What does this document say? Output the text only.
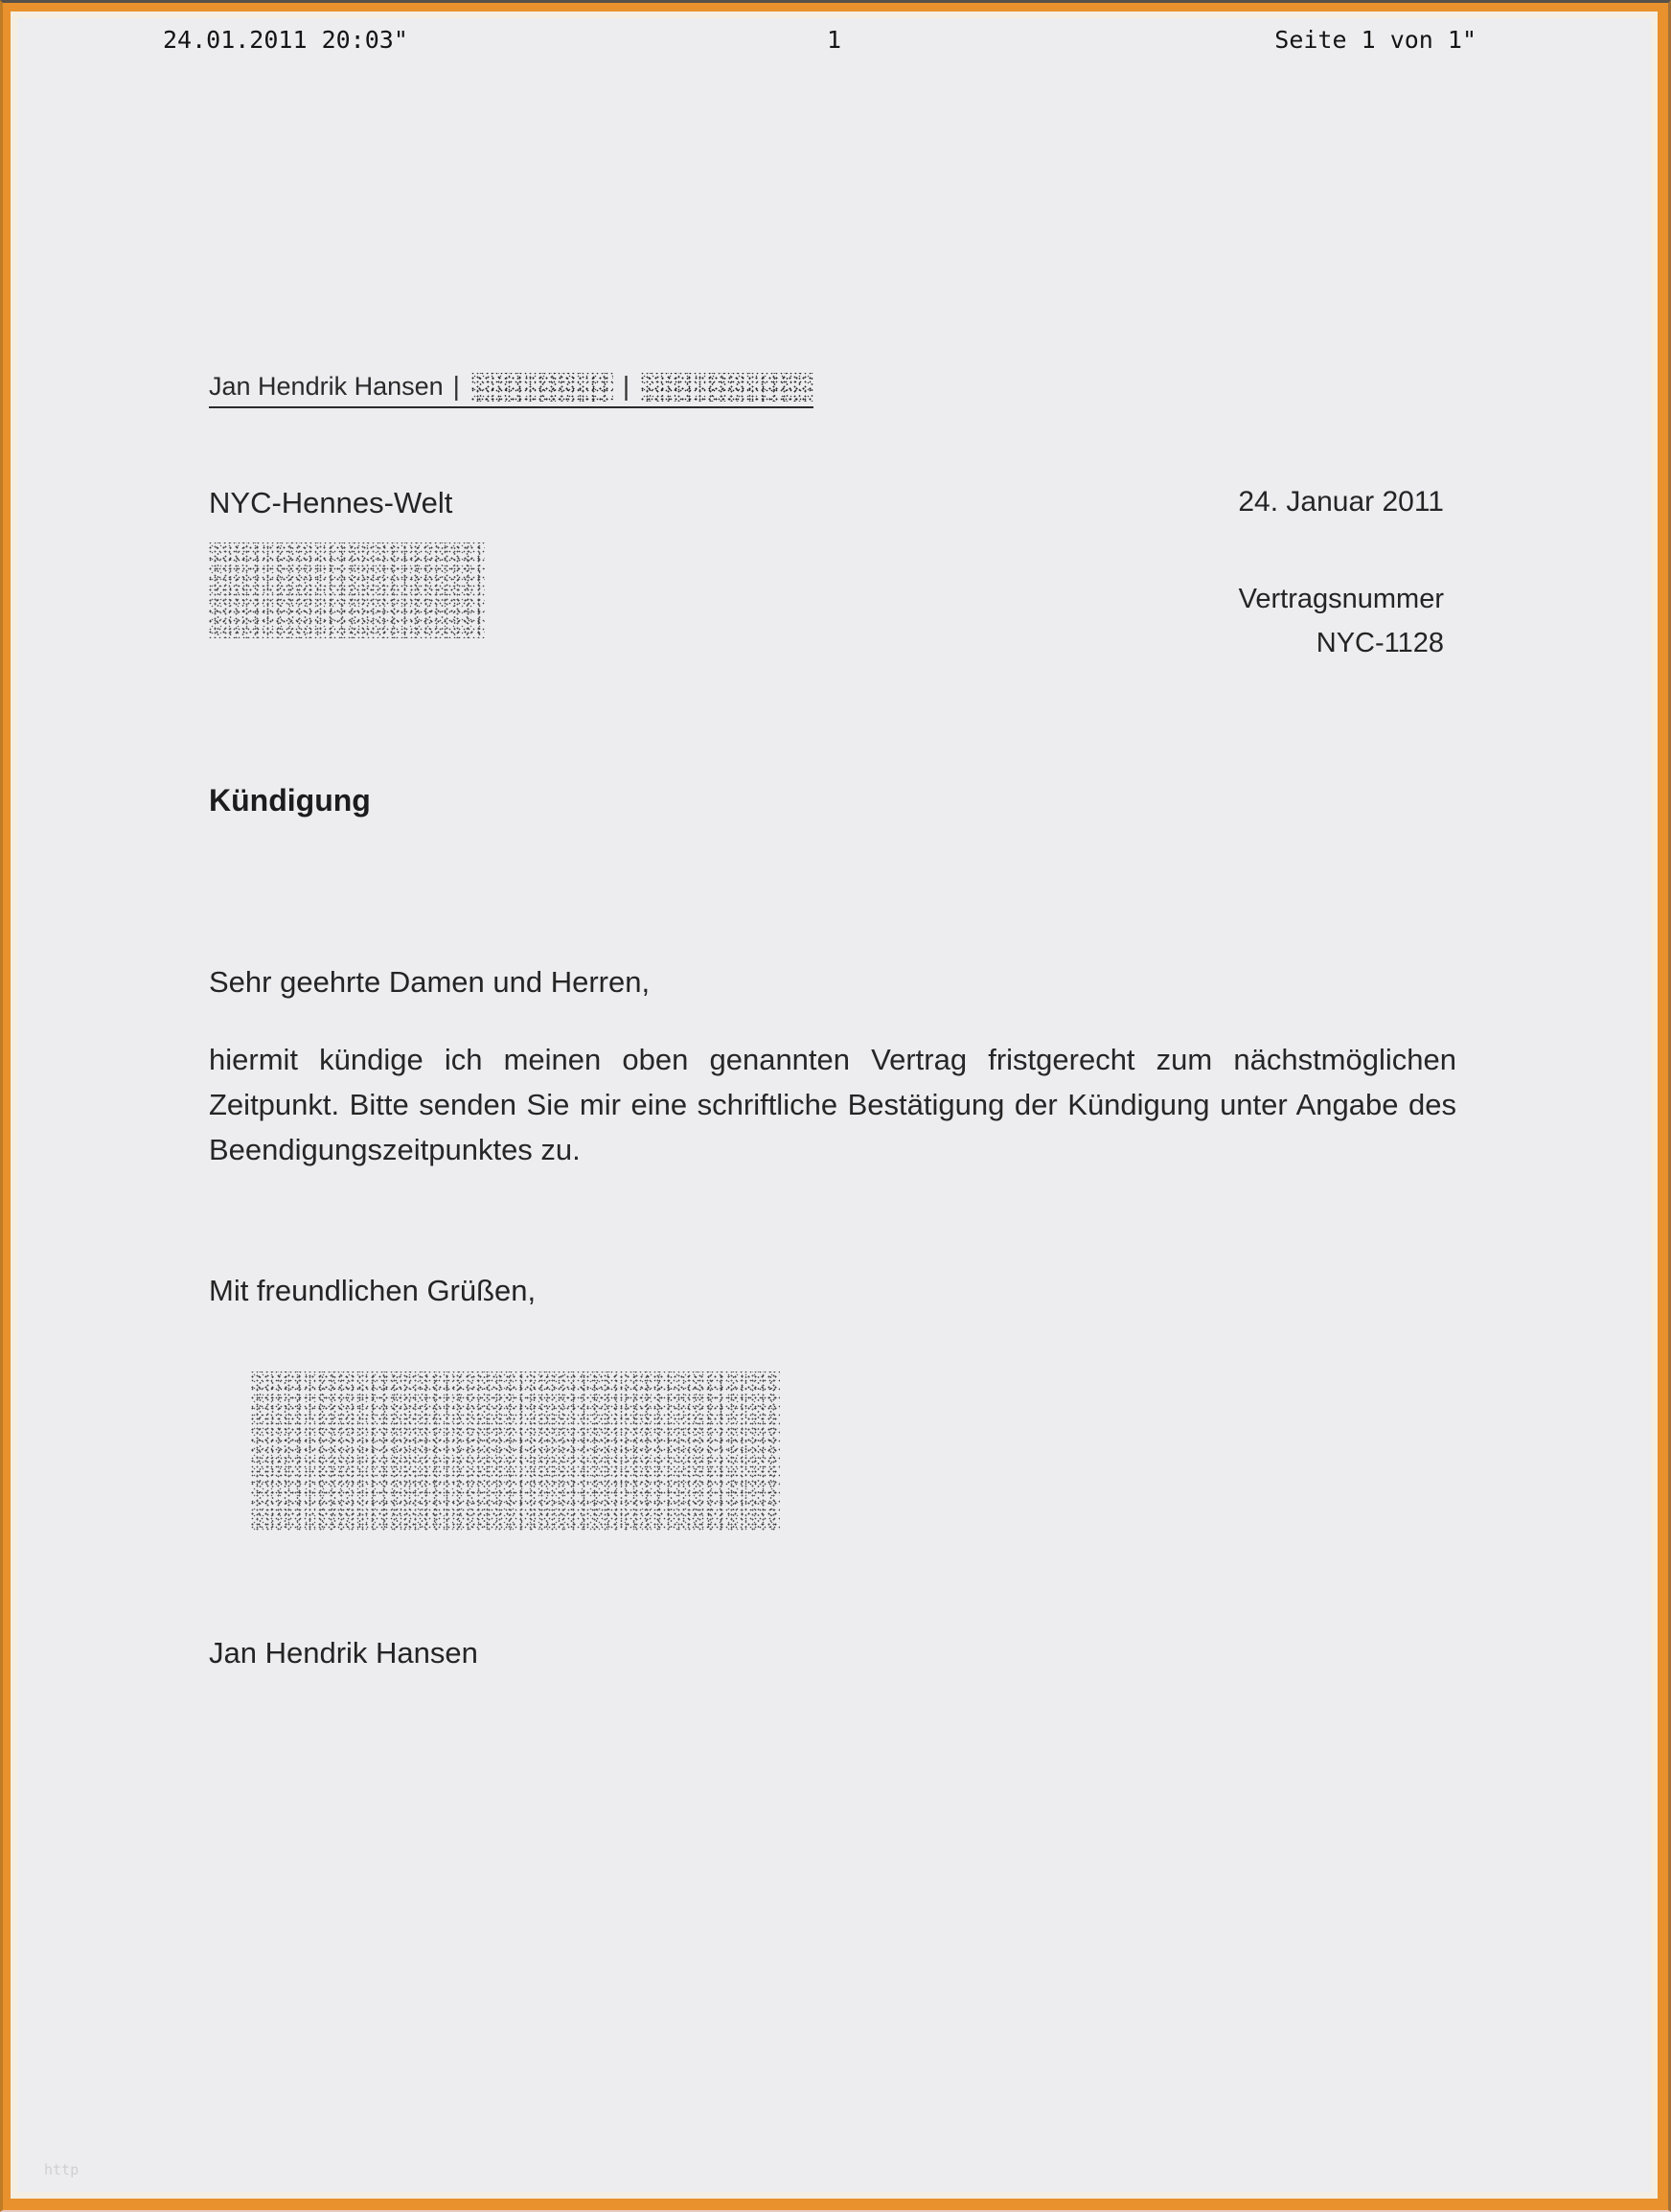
24.01.2011 20:03"	1	Seite 1 von 1"
Jan Hendrik Hansen |	|
NYC-Hennes-Welt	24. Januar 2011
Vertragsnummer
NYC-1128
Kündigung
Sehr geehrte Damen und Herren,
hiermit kündige ich meinen oben genannten Vertrag fristgerecht zum nächstmöglichen Zeitpunkt. Bitte senden Sie mir eine schriftliche Bestätigung der Kündigung unter Angabe des Beendigungszeitpunktes zu.
Mit freundlichen Grüßen,
Jan Hendrik Hansen
http
